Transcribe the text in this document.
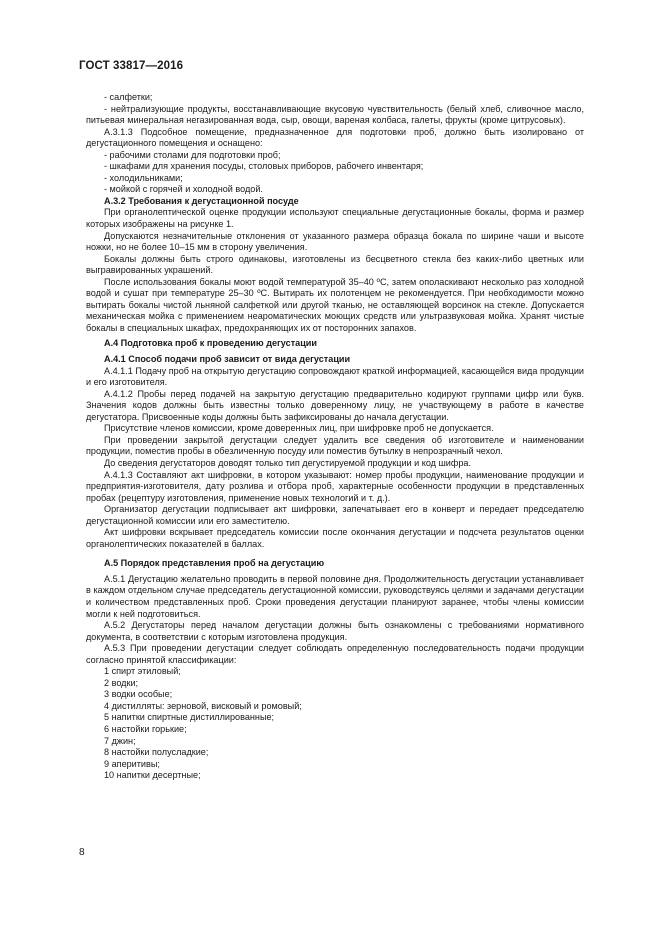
ГОСТ 33817—2016

- салфетки;

- нейтрализующие продукты, восстанавливающие вкусовую чувствительность (белый хлеб, сливочное масло, питьевая минеральная негазированная вода, сыр, овощи, вареная колбаса, галеты, фрукты (кроме цитрусовых).

А.3.1.3 Подсобное помещение, предназначенное для подготовки проб, должно быть изолировано от дегустационного помещения и оснащено:

- рабочими столами для подготовки проб;

- шкафами для хранения посуды, столовых приборов, рабочего инвентаря;

- холодильниками;

- мойкой с горячей и холодной водой.

А.3.2 Требования к дегустационной посуде

При органолептической оценке продукции используют специальные дегустационные бокалы, форма и размер которых изображены на рисунке 1.

Допускаются незначительные отклонения от указанного размера образца бокала по ширине чаши и высоте ножки, но не более 10–15 мм в сторону увеличения.

Бокалы должны быть строго одинаковы, изготовлены из бесцветного стекла без каких-либо цветных или выгравированных украшений.

После использования бокалы моют водой температурой 35–40 ºС, затем ополаскивают несколько раз холодной водой и сушат при температуре 25–30 ºС. Вытирать их полотенцем не рекомендуется. При необходимости можно вытирать бокалы чистой льняной салфеткой или другой тканью, не оставляющей ворсинок на стекле. Допускается механическая мойка с применением неароматических моющих средств или ультразвуковая мойка. Хранят чистые бокалы в специальных шкафах, предохраняющих их от посторонних запахов.

А.4 Подготовка проб к проведению дегустации

А.4.1 Способ подачи проб зависит от вида дегустации

А.4.1.1 Подачу проб на открытую дегустацию сопровождают краткой информацией, касающейся вида продукции и его изготовителя.

А.4.1.2 Пробы перед подачей на закрытую дегустацию предварительно кодируют группами цифр или букв. Значения кодов должны быть известны только доверенному лицу, не участвующему в работе в качестве дегустатора. Присвоенные коды должны быть зафиксированы до начала дегустации.

Присутствие членов комиссии, кроме доверенных лиц, при шифровке проб не допускается.

При проведении закрытой дегустации следует удалить все сведения об изготовителе и наименовании продукции, поместив пробы в обезличенную посуду или поместив бутылку в непрозрачный чехол.

До сведения дегустаторов доводят только тип дегустируемой продукции и код шифра.

А.4.1.3 Составляют акт шифровки, в котором указывают: номер пробы продукции, наименование продукции и предприятия-изготовителя, дату розлива и отбора проб, характерные особенности продукции в представленных пробах (рецептуру изготовления, применение новых технологий и т. д.).

Организатор дегустации подписывает акт шифровки, запечатывает его в конверт и передает председателю дегустационной комиссии или его заместителю.

Акт шифровки вскрывает председатель комиссии после окончания дегустации и подсчета результатов оценки органолептических показателей в баллах.

А.5 Порядок представления проб на дегустацию

А.5.1 Дегустацию желательно проводить в первой половине дня. Продолжительность дегустации устанавливает в каждом отдельном случае председатель дегустационной комиссии, руководствуясь целями и задачами дегустации и количеством представленных проб. Сроки проведения дегустации планируют заранее, чтобы члены комиссии могли к ней подготовиться.

А.5.2 Дегустаторы перед началом дегустации должны быть ознакомлены с требованиями нормативного документа, в соответствии с которым изготовлена продукция.

А.5.3 При проведении дегустации следует соблюдать определенную последовательность подачи продукции согласно принятой классификации:

1 спирт этиловый;

2 водки;

3 водки особые;

4 дистилляты: зерновой, висковый и ромовый;

5 напитки спиртные дистиллированные;

6 настойки горькие;

7 джин;

8 настойки полусладкие;

9 аперитивы;

10 напитки десертные;

8
